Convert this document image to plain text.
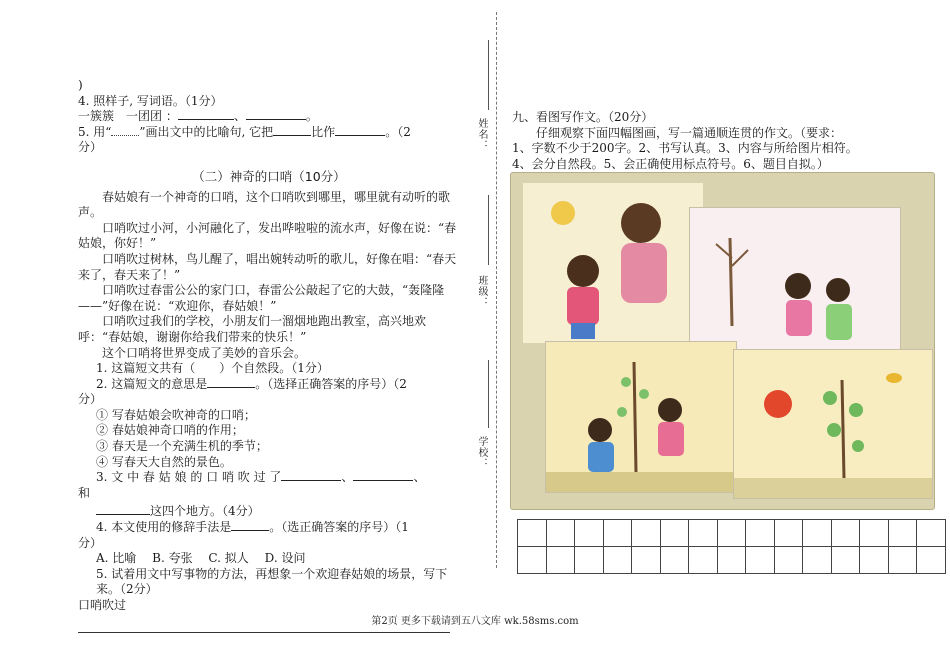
)

4. 照样子, 写词语。（1分）

一簇簇　一团团 ：	、	。

5. 用“ ”画出文中的比喻句, 它把	比作	。（2

分）

（二）神奇的口哨（10分）

春姑娘有一个神奇的口哨，这个口哨吹到哪里，哪里就有动听的歌声。

口哨吹过小河，小河融化了，发出哗啦啦的流水声，好像在说：“春姑娘，你好！”

口哨吹过树林，鸟儿醒了，唱出婉转动听的歌儿，好像在唱：“春天来了，春天来了！”

口哨吹过春雷公公的家门口，春雷公公敲起了它的大鼓，“轰隆隆——”好像在说：“欢迎你，春姑娘！”

口哨吹过我们的学校，小朋友们一溜烟地跑出教室，高兴地欢呼：“春姑娘，谢谢你给我们带来的快乐！”

这个口哨将世界变成了美妙的音乐会。

1. 这篇短文共有（　　）个自然段。（1分）

2. 这篇短文的意思是	。（选择正确答案的序号）（2

分）

① 写春姑娘会吹神奇的口哨；

② 春姑娘神奇口哨的作用；

③ 春天是一个充满生机的季节；

④ 写春天大自然的景色。

3. 文 中 春 姑 娘 的 口 哨 吹 过 了	、	、

和

这四个地方。（4分）

4. 本文使用的修辞手法是	。（选正确答案的序号）（1

分）

A. 比喻　 B. 夸张　 C. 拟人　 D. 设问

5. 试着用文中写事物的方法，再想象一个欢迎春姑娘的场景，写下来。（2分）

口哨吹过

姓名：
班级：
学校：

九、看图写作文。（20分）

仔细观察下面四幅图画，写一篇通顺连贯的作文。（要求：

1、字数不少于200字。2、书写认真。3、内容与所给图片相符。

4、会分自然段。5、会正确使用标点符号。6、题目自拟。）

第2页 更多下载请到五八文库 wk.58sms.com
